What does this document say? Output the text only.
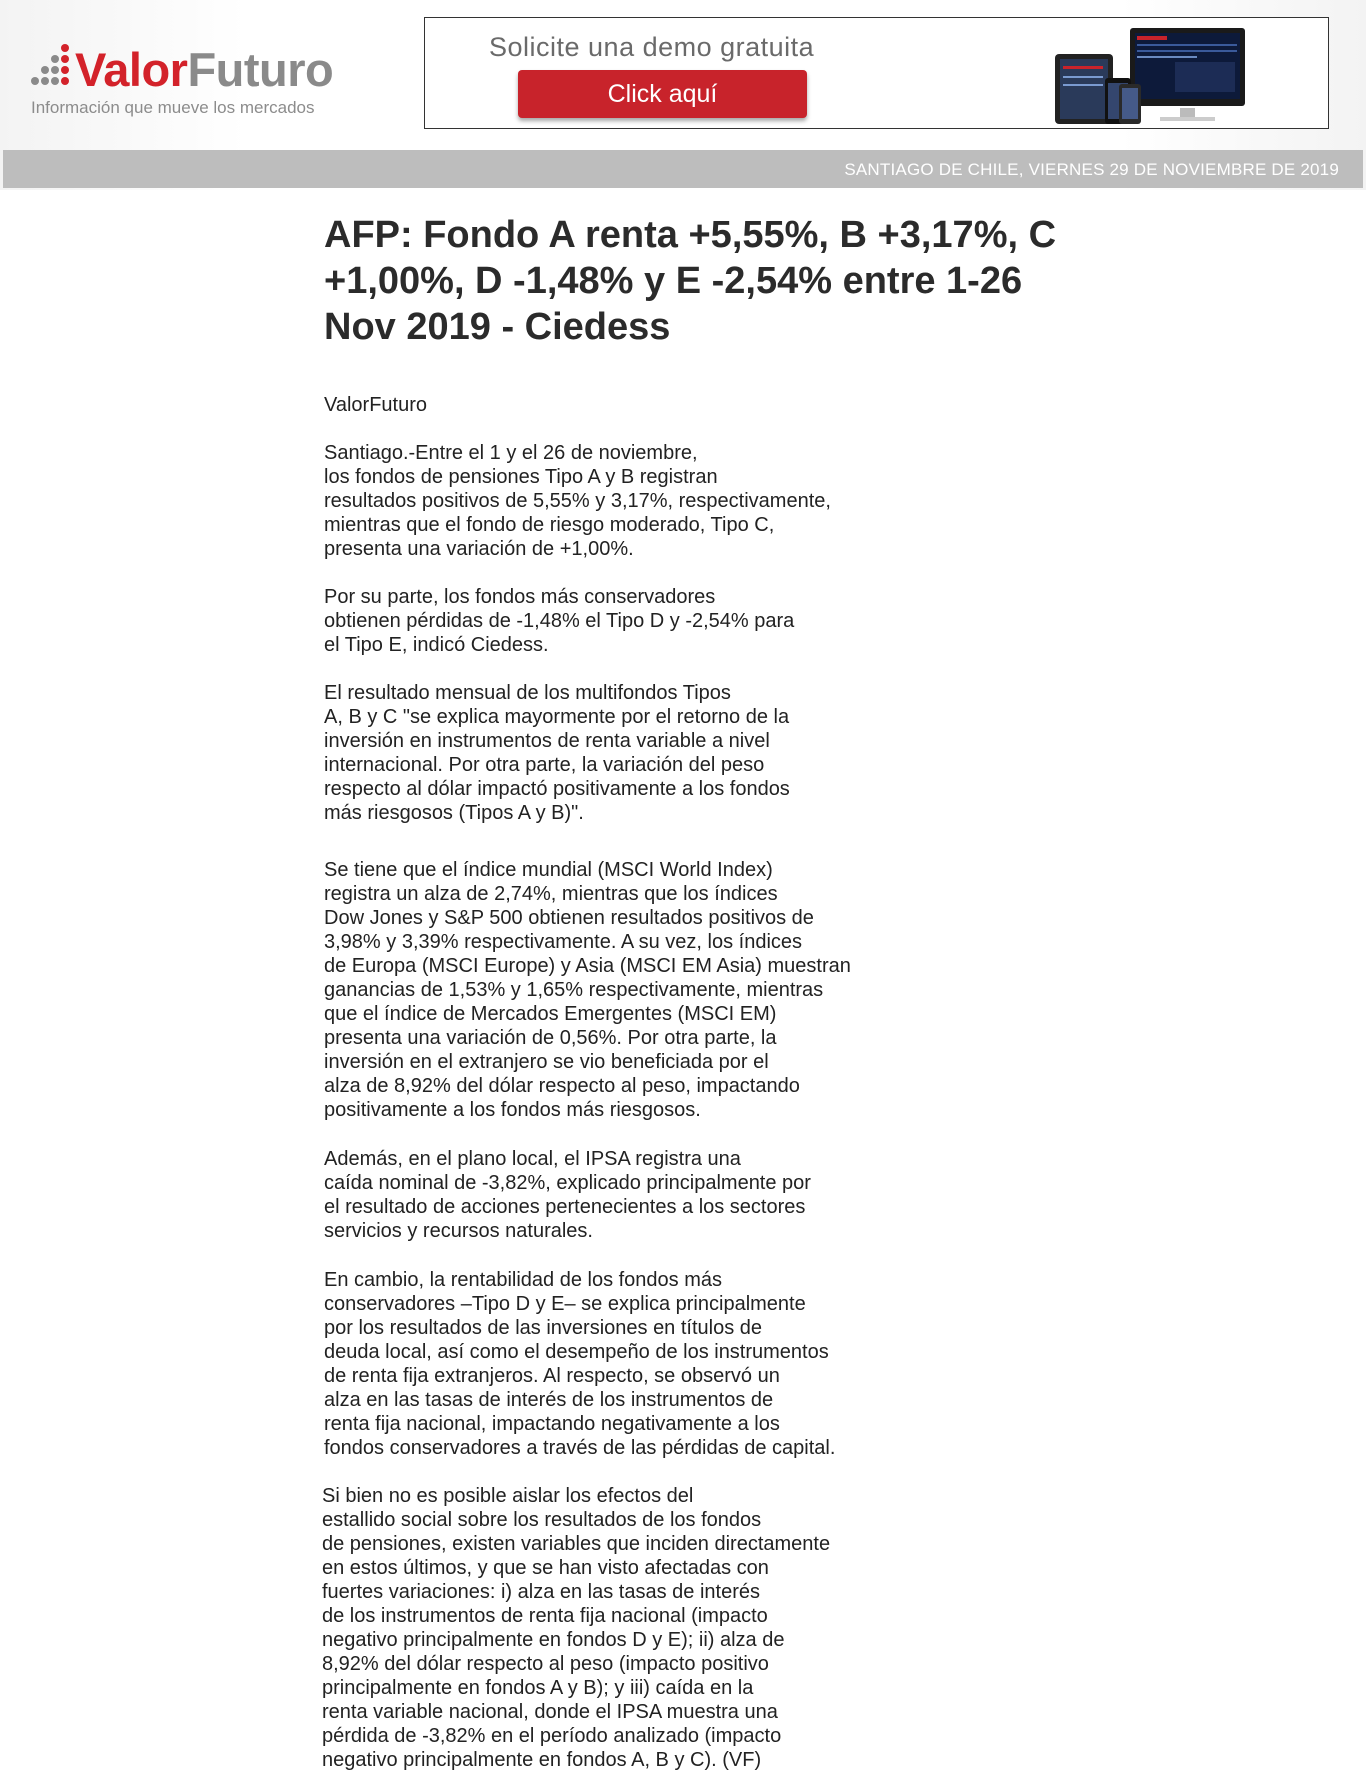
ValorFuturo
Información que mueve los mercados
Solicite una demo gratuita
Click aquí
SANTIAGO DE CHILE, VIERNES 29 DE NOVIEMBRE DE 2019
AFP: Fondo A renta +5,55%, B +3,17%, C +1,00%, D -1,48% y E -2,54% entre 1-26 Nov 2019 - Ciedess
ValorFuturo

Santiago.-Entre el 1 y el 26 de noviembre,
los fondos de pensiones Tipo A y B registran
resultados positivos de 5,55% y 3,17%, respectivamente,
mientras que el fondo de riesgo moderado, Tipo C,
presenta una variación de +1,00%.

Por su parte, los fondos más conservadores
obtienen pérdidas de -1,48% el Tipo D y -2,54% para
el Tipo E, indicó Ciedess.

El resultado mensual de los multifondos Tipos
A, B y C "se explica mayormente por el retorno de la
inversión en instrumentos de renta variable a nivel
internacional. Por otra parte, la variación del peso
respecto al dólar impactó positivamente a los fondos
más riesgosos (Tipos A y B)".

Se tiene que el índice mundial (MSCI World Index)
registra un alza de 2,74%, mientras que los índices
Dow Jones y S&P 500 obtienen resultados positivos de
3,98% y 3,39% respectivamente. A su vez, los índices
de Europa (MSCI Europe) y Asia (MSCI EM Asia) muestran
ganancias de 1,53% y 1,65% respectivamente, mientras
que el índice de Mercados Emergentes (MSCI EM)
presenta una variación de 0,56%. Por otra parte, la
inversión en el extranjero se vio beneficiada por el
alza de 8,92% del dólar respecto al peso, impactando
positivamente a los fondos más riesgosos.

Además, en el plano local, el IPSA registra una
caída nominal de -3,82%, explicado principalmente por
el resultado de acciones pertenecientes a los sectores
servicios y recursos naturales.

En cambio, la rentabilidad de los fondos más
conservadores –Tipo D y E– se explica principalmente
por los resultados de las inversiones en títulos de
deuda local, así como el desempeño de los instrumentos
de renta fija extranjeros. Al respecto, se observó un
alza en las tasas de interés de los instrumentos de
renta fija nacional, impactando negativamente a los
fondos conservadores a través de las pérdidas de capital.

Si bien no es posible aislar los efectos del
estallido social sobre los resultados de los fondos
de pensiones, existen variables que inciden directamente
en estos últimos, y que se han visto afectadas con
fuertes variaciones: i) alza en las tasas de interés
de los instrumentos de renta fija nacional (impacto
negativo principalmente en fondos D y E); ii) alza de
8,92% del dólar respecto al peso (impacto positivo
principalmente en fondos A y B); y iii) caída en la
renta variable nacional, donde el IPSA muestra una
pérdida de -3,82% en el período analizado (impacto
negativo principalmente en fondos A, B y C). (VF)
